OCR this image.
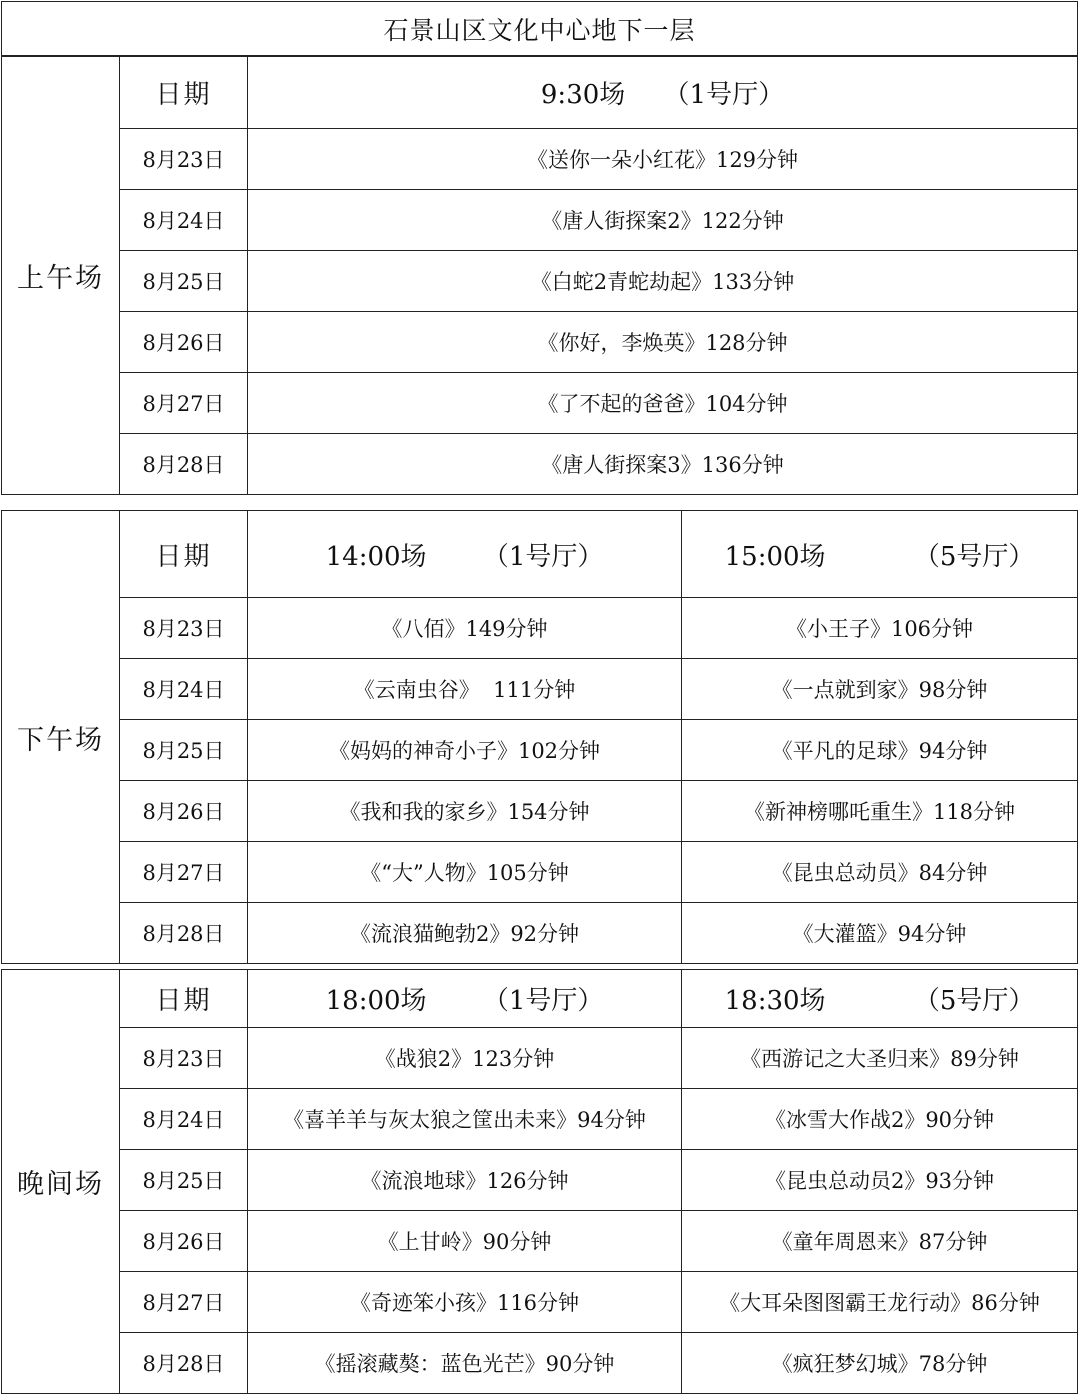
石景山区文化中心地下一层
上午场	日期	9:30场 （1号厅）
	8月23日	《送你一朵小红花》129分钟
	8月24日	《唐人街探案2》122分钟
	8月25日	《白蛇2青蛇劫起》133分钟
	8月26日	《你好，李焕英》128分钟
	8月27日	《了不起的爸爸》104分钟
	8月28日	《唐人街探案3》136分钟
下午场	日期	14:00场 （1号厅）	15:00场 （5号厅）
	8月23日	《八佰》149分钟	《小王子》106分钟
	8月24日	《云南虫谷》  111分钟	《一点就到家》98分钟
	8月25日	《妈妈的神奇小子》102分钟	《平凡的足球》94分钟
	8月26日	《我和我的家乡》154分钟	《新神榜哪吒重生》118分钟
	8月27日	《“大”人物》105分钟	《昆虫总动员》84分钟
	8月28日	《流浪猫鲍勃2》92分钟	《大灌篮》94分钟
晚间场	日期	18:00场 （1号厅）	18:30场 （5号厅）
	8月23日	《战狼2》123分钟	《西游记之大圣归来》89分钟
	8月24日	《喜羊羊与灰太狼之筐出未来》94分钟	《冰雪大作战2》90分钟
	8月25日	《流浪地球》126分钟	《昆虫总动员2》93分钟
	8月26日	《上甘岭》90分钟	《童年周恩来》87分钟
	8月27日	《奇迹笨小孩》116分钟	《大耳朵图图霸王龙行动》86分钟
	8月28日	《摇滚藏獒：蓝色光芒》90分钟	《疯狂梦幻城》78分钟
